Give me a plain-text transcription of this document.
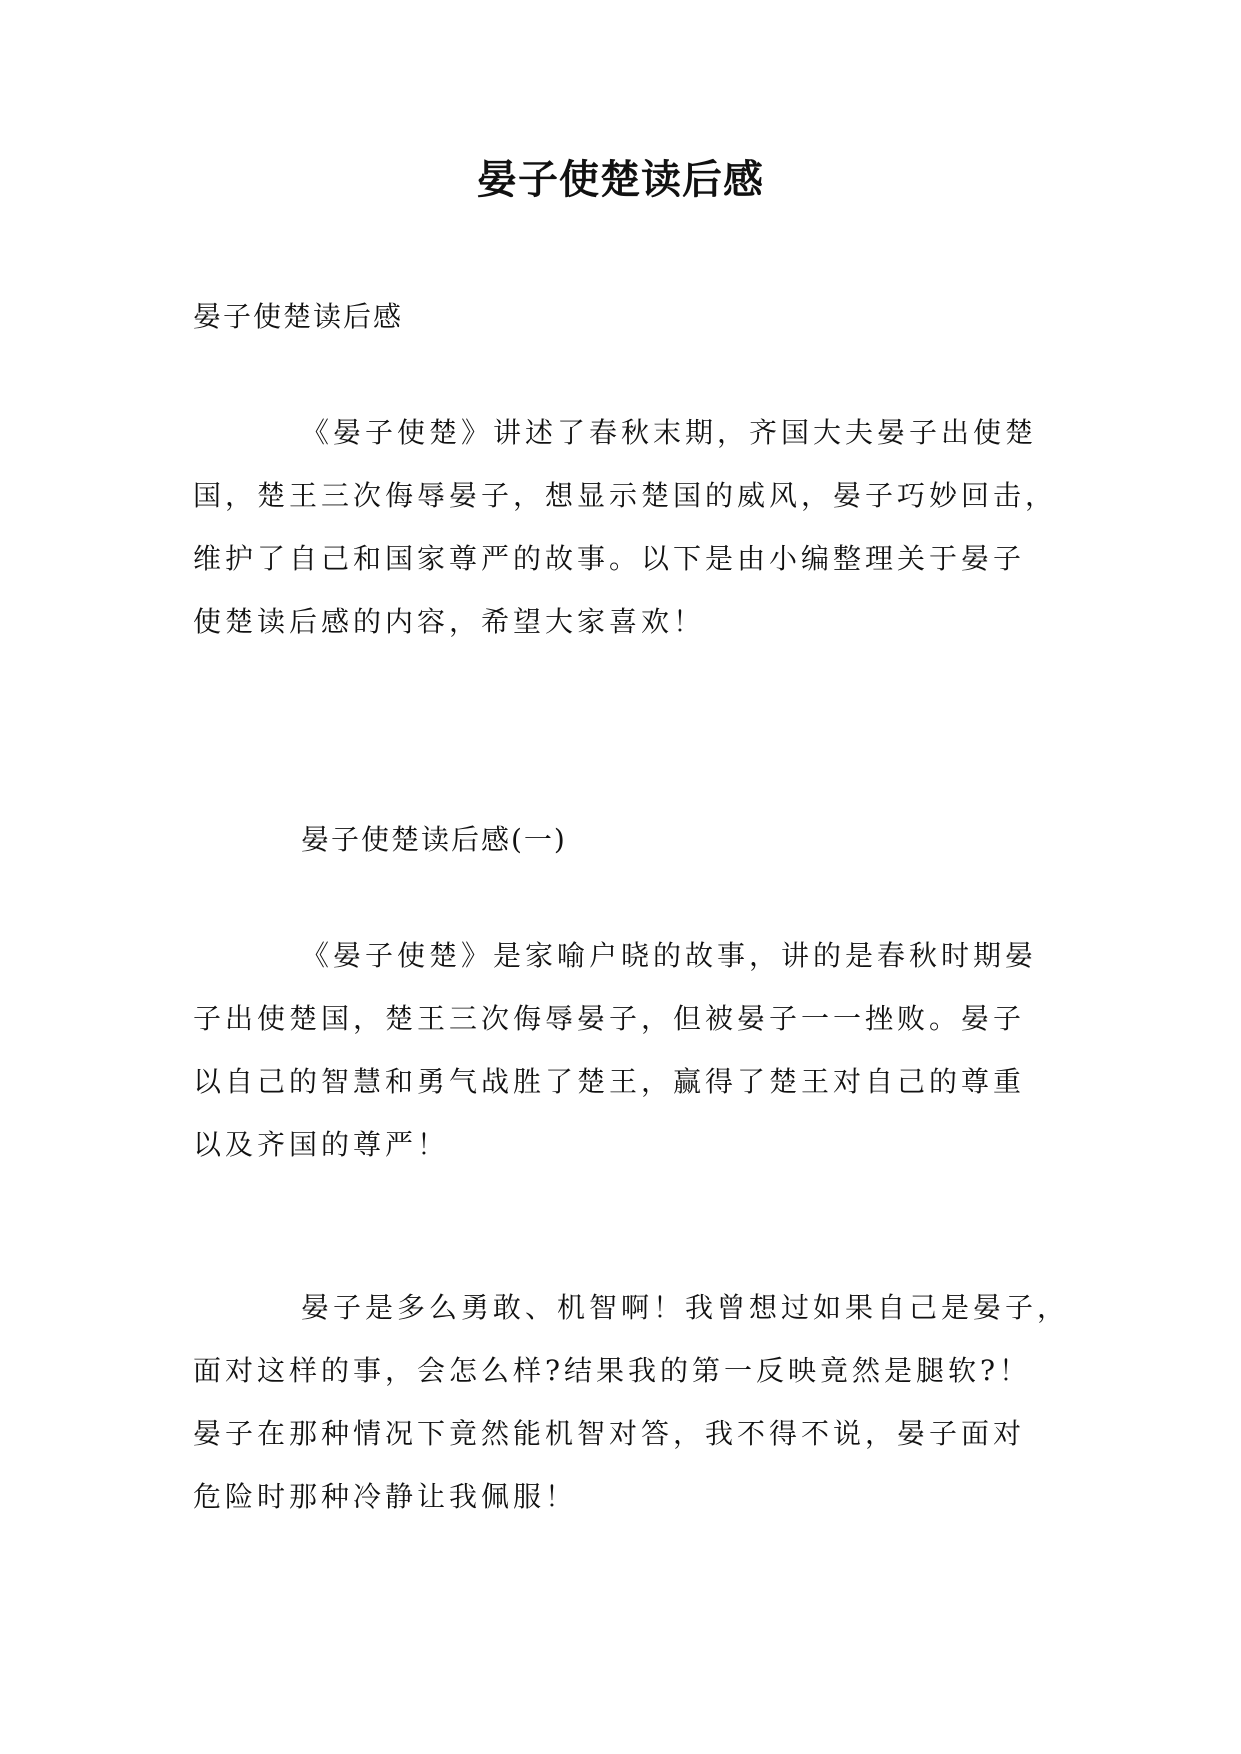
晏子使楚读后感
晏子使楚读后感
《晏子使楚》讲述了春秋末期，齐国大夫晏子出使楚
国，楚王三次侮辱晏子，想显示楚国的威风，晏子巧妙回击，
维护了自己和国家尊严的故事。以下是由小编整理关于晏子
使楚读后感的内容，希望大家喜欢！
晏子使楚读后感(一)
《晏子使楚》是家喻户晓的故事，讲的是春秋时期晏
子出使楚国，楚王三次侮辱晏子，但被晏子一一挫败。晏子
以自己的智慧和勇气战胜了楚王，赢得了楚王对自己的尊重
以及齐国的尊严！
晏子是多么勇敢、机智啊！我曾想过如果自己是晏子，
面对这样的事，会怎么样?结果我的第一反映竟然是腿软?！
晏子在那种情况下竟然能机智对答，我不得不说，晏子面对
危险时那种冷静让我佩服！
